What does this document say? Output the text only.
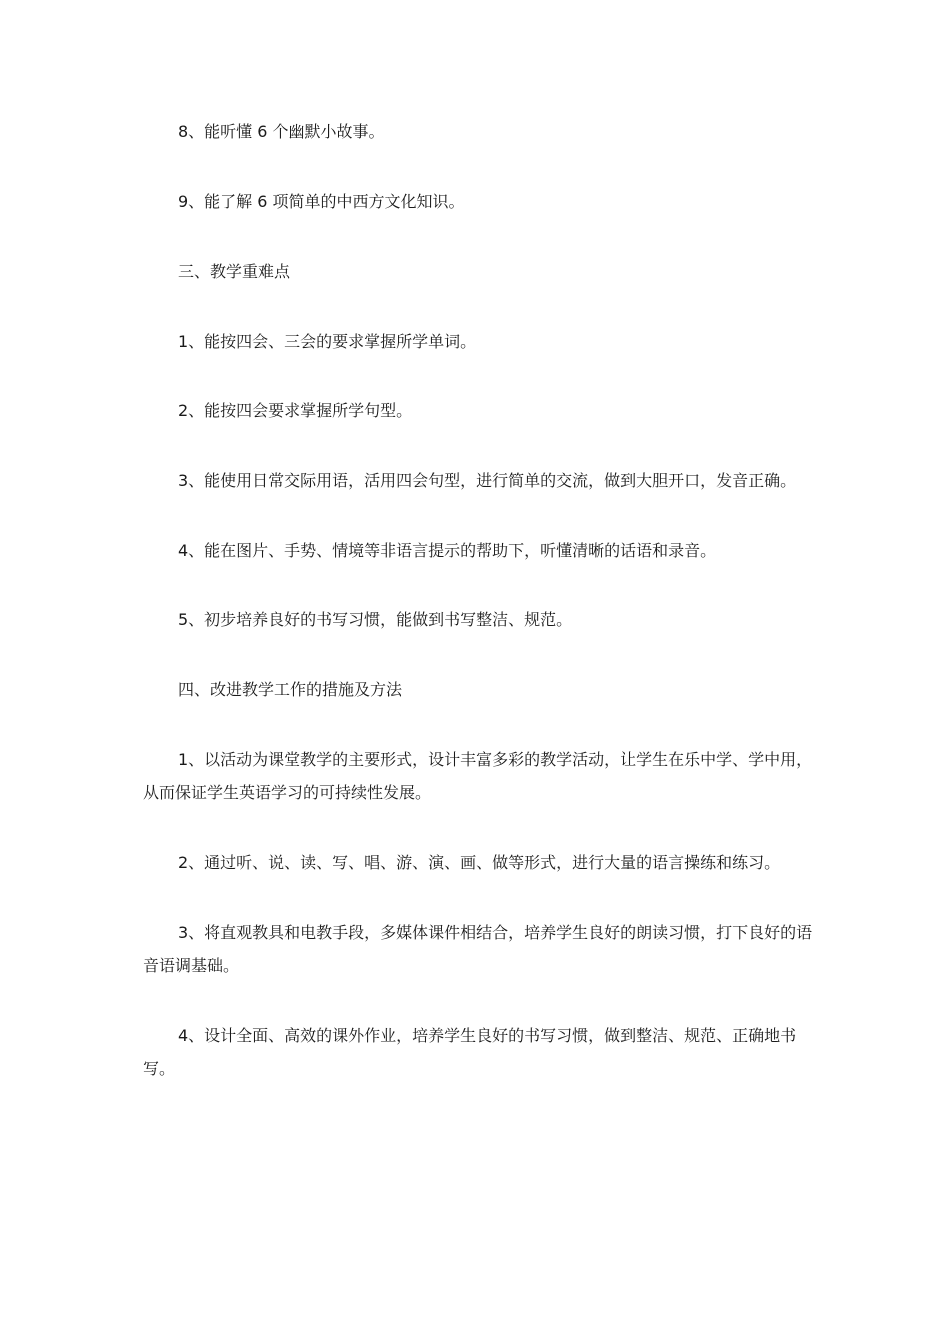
8、能听懂 6 个幽默小故事。

9、能了解 6 项简单的中西方文化知识。

三、教学重难点

1、能按四会、三会的要求掌握所学单词。

2、能按四会要求掌握所学句型。

3、能使用日常交际用语，活用四会句型，进行简单的交流，做到大胆开口，发音正确。

4、能在图片、手势、情境等非语言提示的帮助下，听懂清晰的话语和录音。

5、初步培养良好的书写习惯，能做到书写整洁、规范。

四、改进教学工作的措施及方法

1、以活动为课堂教学的主要形式，设计丰富多彩的教学活动，让学生在乐中学、学中用，从而保证学生英语学习的可持续性发展。

2、通过听、说、读、写、唱、游、演、画、做等形式，进行大量的语言操练和练习。

3、将直观教具和电教手段，多媒体课件相结合，培养学生良好的朗读习惯，打下良好的语音语调基础。

4、设计全面、高效的课外作业，培养学生良好的书写习惯，做到整洁、规范、正确地书写。
